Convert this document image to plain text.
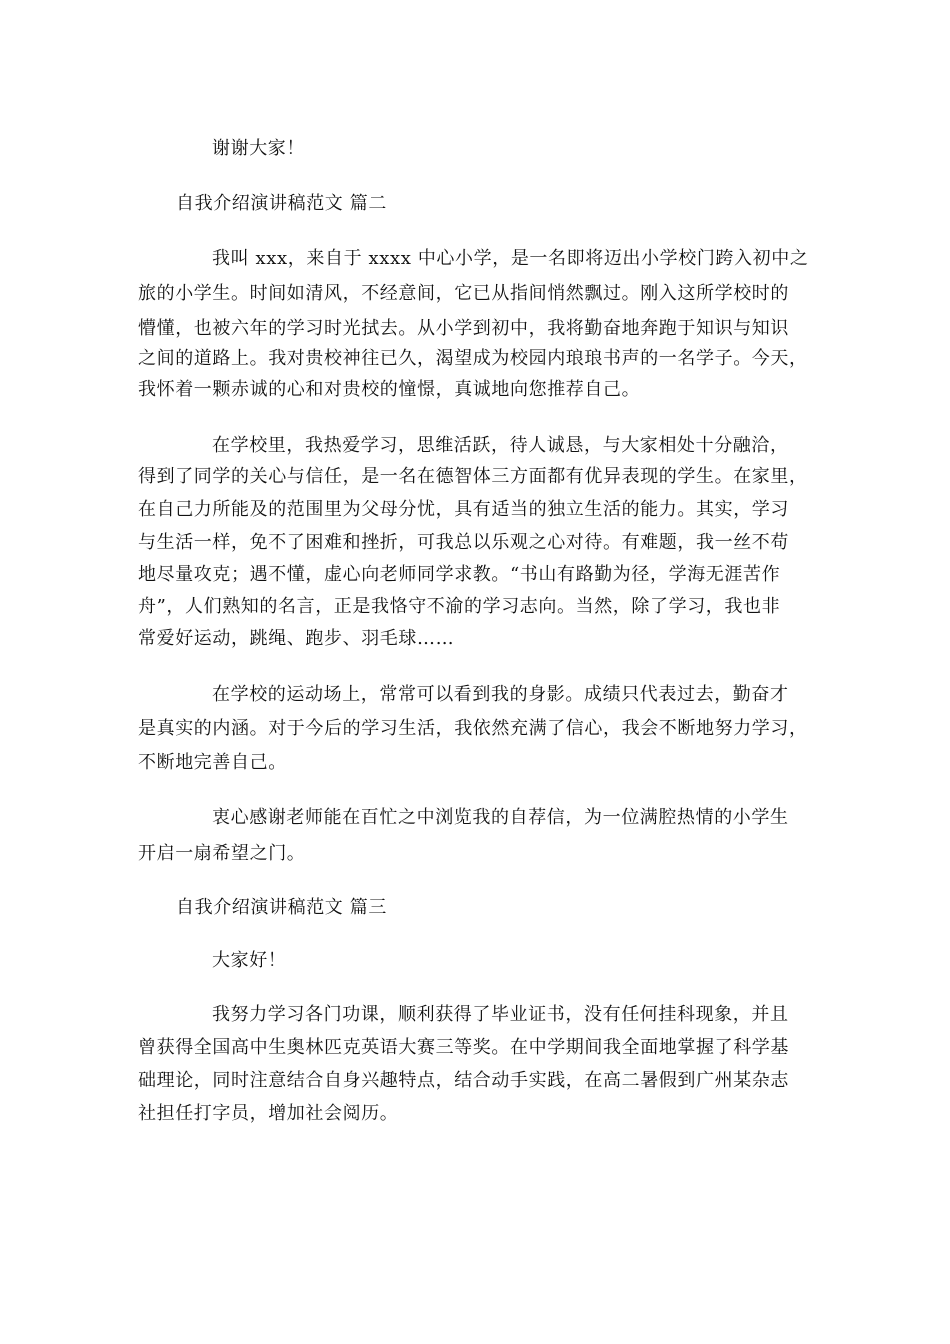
谢谢大家！
自我介绍演讲稿范文 篇二
我叫 xxx，来自于 xxxx 中心小学，是一名即将迈出小学校门跨入初中之
旅的小学生。时间如清风，不经意间，它已从指间悄然飘过。刚入这所学校时的
懵懂，也被六年的学习时光拭去。从小学到初中，我将勤奋地奔跑于知识与知识
之间的道路上。我对贵校神往已久，渴望成为校园内琅琅书声的一名学子。今天，
我怀着一颗赤诚的心和对贵校的憧憬，真诚地向您推荐自己。
在学校里，我热爱学习，思维活跃，待人诚恳，与大家相处十分融洽，
得到了同学的关心与信任，是一名在德智体三方面都有优异表现的学生。在家里，
在自己力所能及的范围里为父母分忧，具有适当的独立生活的能力。其实，学习
与生活一样，免不了困难和挫折，可我总以乐观之心对待。有难题，我一丝不苟
地尽量攻克；遇不懂，虚心向老师同学求教。“书山有路勤为径，学海无涯苦作
舟”，人们熟知的名言，正是我恪守不渝的学习志向。当然，除了学习，我也非
常爱好运动，跳绳、跑步、羽毛球……
在学校的运动场上，常常可以看到我的身影。成绩只代表过去，勤奋才
是真实的内涵。对于今后的学习生活，我依然充满了信心，我会不断地努力学习，
不断地完善自己。
衷心感谢老师能在百忙之中浏览我的自荐信，为一位满腔热情的小学生
开启一扇希望之门。
自我介绍演讲稿范文 篇三
大家好！
我努力学习各门功课，顺利获得了毕业证书，没有任何挂科现象，并且
曾获得全国高中生奥林匹克英语大赛三等奖。在中学期间我全面地掌握了科学基
础理论，同时注意结合自身兴趣特点，结合动手实践，在高二暑假到广州某杂志
社担任打字员，增加社会阅历。
